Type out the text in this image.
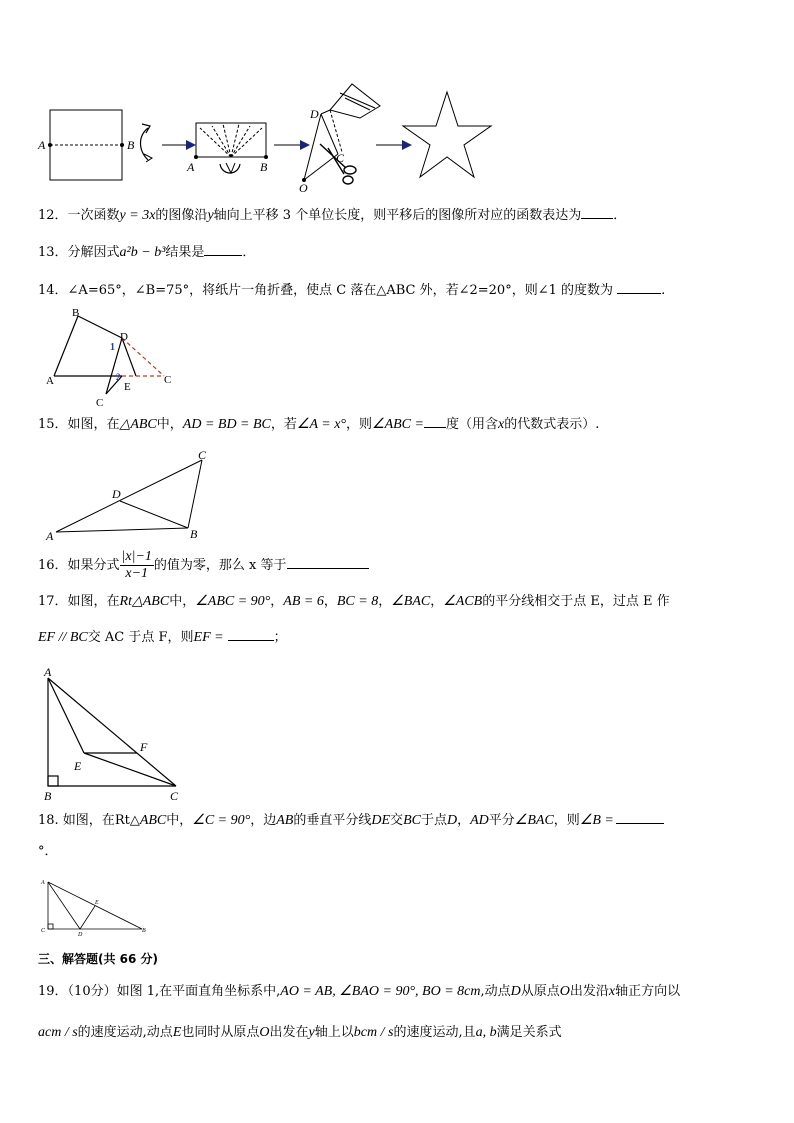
A	B
A	B
D
C
O
12．一次函数y = 3x的图像沿y轴向上平移 3 个单位长度，则平移后的图像所对应的函数表达为 ．
13．分解因式a²b − b³结果是	．
14．∠A=65°，∠B=75°，将纸片一角折叠，使点 C 落在△ABC 外，若∠2=20°，则∠1 的度数为	.
B
D
1
A	2
E
C
C
15．如图，在△ABC中，AD = BD = BC，若∠A = x°，则∠ABC = 度（用含x的代数式表示）.
C
D
A	B
16．如果分式 $\frac{|x|-1}{x-1}$ 的值为零，那么 x 等于
17．如图，在Rt△ABC中，∠ABC = 90°，AB = 6，BC = 8，∠BAC，∠ACB的平分线相交于点 E，过点 E 作
EF // BC交 AC 于点 F，则EF =	；
A
F
E
B	C
18. 如图，在Rt△ABC中，∠C = 90°，边AB的垂直平分线DE交BC于点D，AD平分∠BAC，则∠B =
°．
A
E
C
D
B
三、解答题(共 66 分)
19．（10分）如图 1,在平面直角坐标系中,AO = AB, ∠BAO = 90°, BO = 8cm,动点D从原点O出发沿x轴正方向以
acm / s的速度运动,动点E也同时从原点O出发在y轴上以bcm / s的速度运动,且a, b满足关系式
